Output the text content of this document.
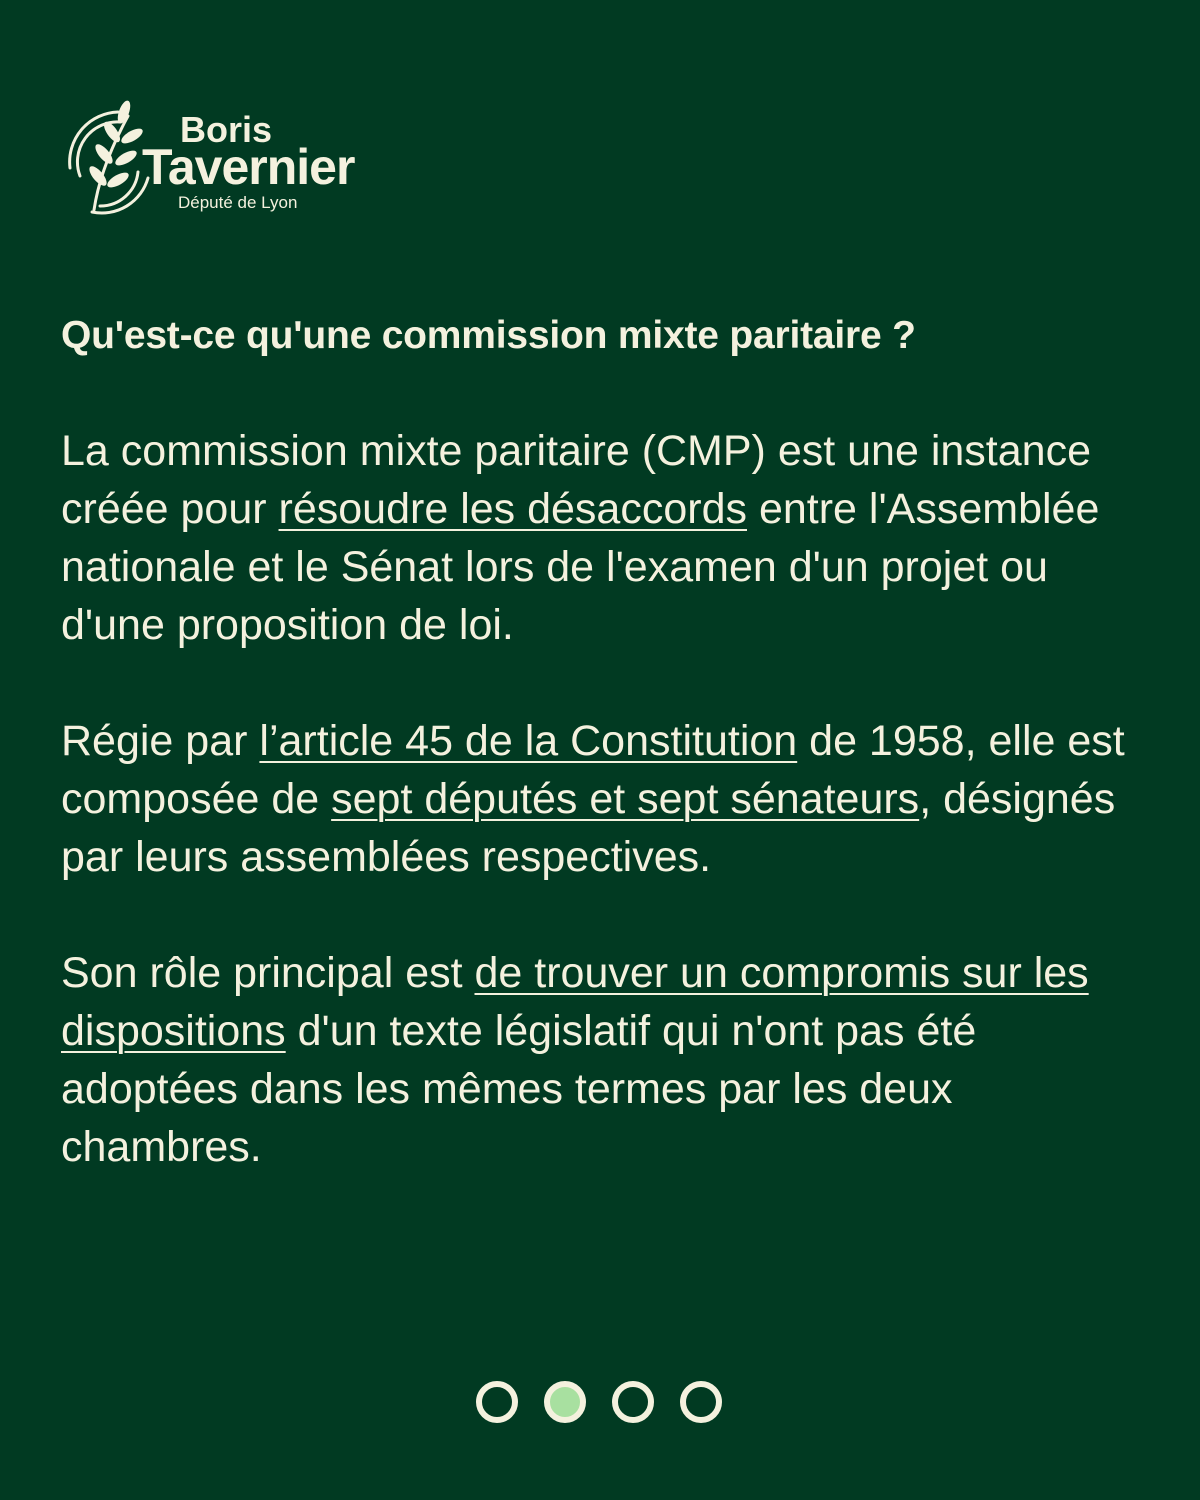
Boris
Tavernier
Député de Lyon
Qu'est-ce qu'une commission mixte paritaire ?

La commission mixte paritaire (CMP) est une instance créée pour résoudre les désaccords entre l'Assemblée nationale et le Sénat lors de l'examen d'un projet ou d'une proposition de loi.

Régie par l’article 45 de la Constitution de 1958, elle est composée de sept députés et sept sénateurs, désignés par leurs assemblées respectives.

Son rôle principal est de trouver un compromis sur les dispositions d'un texte législatif qui n'ont pas été adoptées dans les mêmes termes par les deux chambres.
